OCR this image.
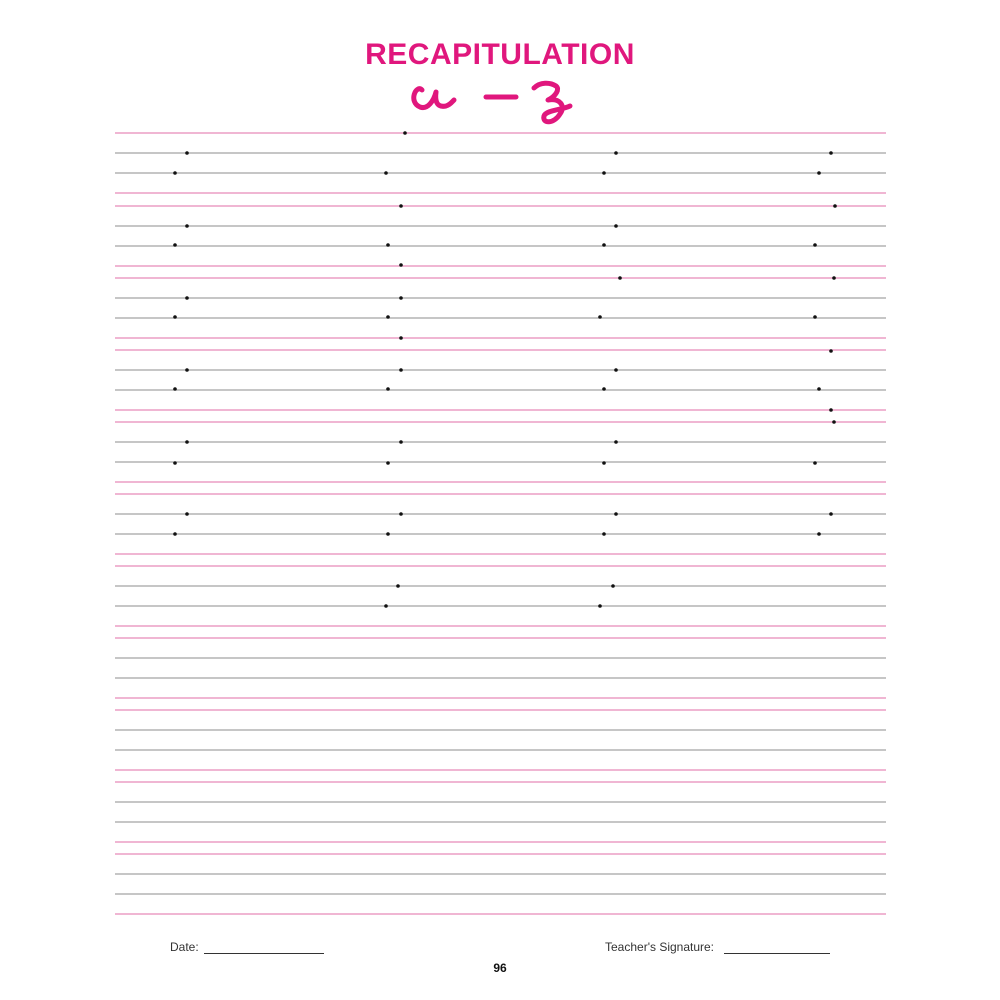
RECAPITULATION
Date:	Teacher's Signature:
96
